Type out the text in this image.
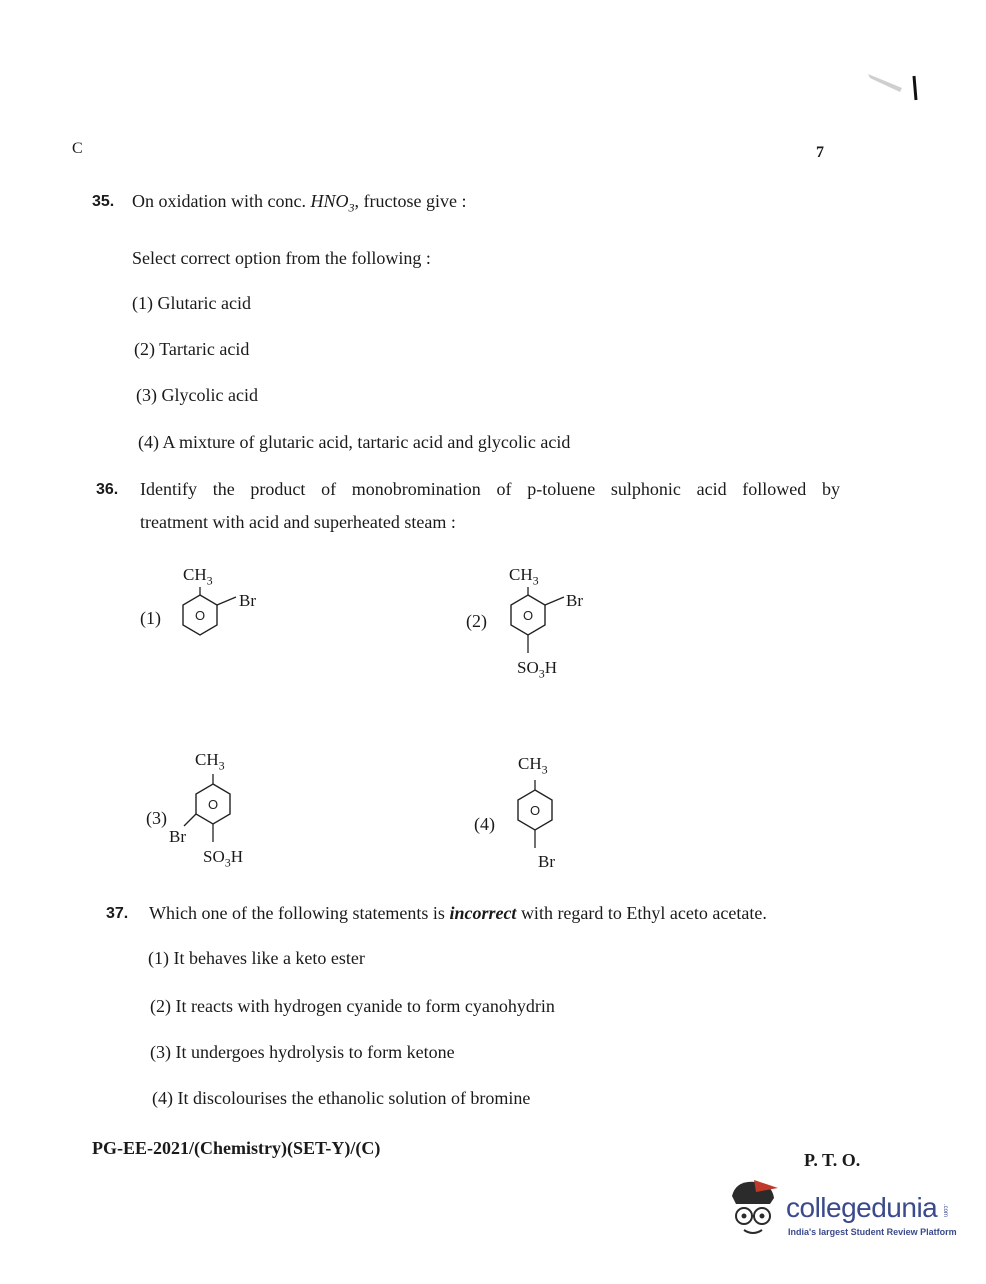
C	7
35. On oxidation with conc. $HNO_3$, fructose give :
Select correct option from the following :
(1) Glutaric acid
(2) Tartaric acid
(3) Glycolic acid
(4) A mixture of glutaric acid, tartaric acid and glycolic acid
36. Identify the product of monobromination of p-toluene sulphonic acid followed by
treatment with acid and superheated steam :
(1)
$CH_3$
Br
O	(2)
$CH_3$
Br
$SO_3H$
O
(3)
$CH_3$
Br
$SO_3H$
O
(4)
$CH_3$
Br
O
37. Which one of the following statements is incorrect with regard to Ethyl aceto acetate.
(1) It behaves like a keto ester
(2) It reacts with hydrogen cyanide to form cyanohydrin
(3) It undergoes hydrolysis to form ketone
(4) It discolourises the ethanolic solution of bromine
PG-EE-2021/(Chemistry)(SET-Y)/(C)
P. T. O.
collegedunia .com
India's largest Student Review Platform
